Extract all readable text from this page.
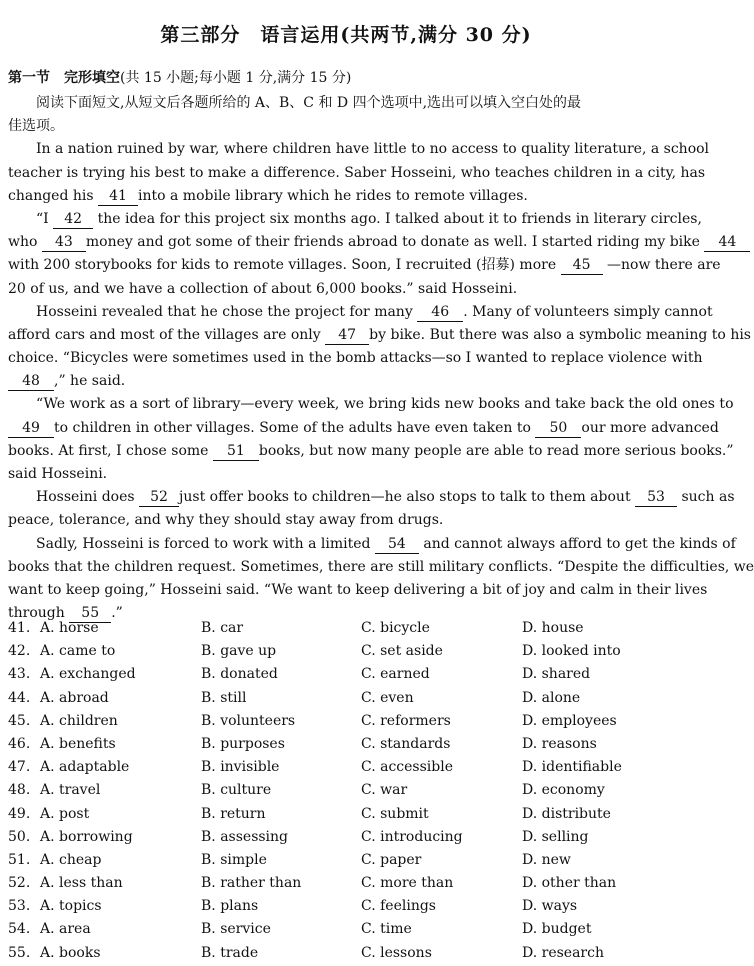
第三部分　语言运用(共两节,满分 30 分)
第一节　完形填空(共 15 小题;每小题 1 分,满分 15 分)
阅读下面短文,从短文后各题所给的 A、B、C 和 D 四个选项中,选出可以填入空白处的最
佳选项。
In a nation ruined by war, where children have little to no access to quality literature, a school
teacher is trying his best to make a difference. Saber Hosseini, who teaches children in a city, has
changed his 41 into a mobile library which he rides to remote villages.
“I 42 the idea for this project six months ago. I talked about it to friends in literary circles,
who 43 money and got some of their friends abroad to donate as well. I started riding my bike 44
with 200 storybooks for kids to remote villages. Soon, I recruited (招募) more 45 —now there are
20 of us, and we have a collection of about 6,000 books.” said Hosseini.
Hosseini revealed that he chose the project for many 46 . Many of volunteers simply cannot
afford cars and most of the villages are only 47 by bike. But there was also a symbolic meaning to his
choice. “Bicycles were sometimes used in the bomb attacks—so I wanted to replace violence with
48 ,” he said.
“We work as a sort of library—every week, we bring kids new books and take back the old ones to
49 to children in other villages. Some of the adults have even taken to 50 our more advanced
books. At first, I chose some 51 books, but now many people are able to read more serious books.”
said Hosseini.
Hosseini does 52 just offer books to children—he also stops to talk to them about 53 such as
peace, tolerance, and why they should stay away from drugs.
Sadly, Hosseini is forced to work with a limited 54 and cannot always afford to get the kinds of
books that the children request. Sometimes, there are still military conflicts. “Despite the difficulties, we
want to keep going,” Hosseini said. “We want to keep delivering a bit of joy and calm in their lives
through 55 .”
41. A. horse	B. car	C. bicycle	D. house
42. A. came to	B. gave up	C. set aside	D. looked into
43. A. exchanged	B. donated	C. earned	D. shared
44. A. abroad	B. still	C. even	D. alone
45. A. children	B. volunteers	C. reformers	D. employees
46. A. benefits	B. purposes	C. standards	D. reasons
47. A. adaptable	B. invisible	C. accessible	D. identifiable
48. A. travel	B. culture	C. war	D. economy
49. A. post	B. return	C. submit	D. distribute
50. A. borrowing	B. assessing	C. introducing	D. selling
51. A. cheap	B. simple	C. paper	D. new
52. A. less than	B. rather than	C. more than	D. other than
53. A. topics	B. plans	C. feelings	D. ways
54. A. area	B. service	C. time	D. budget
55. A. books	B. trade	C. lessons	D. research
